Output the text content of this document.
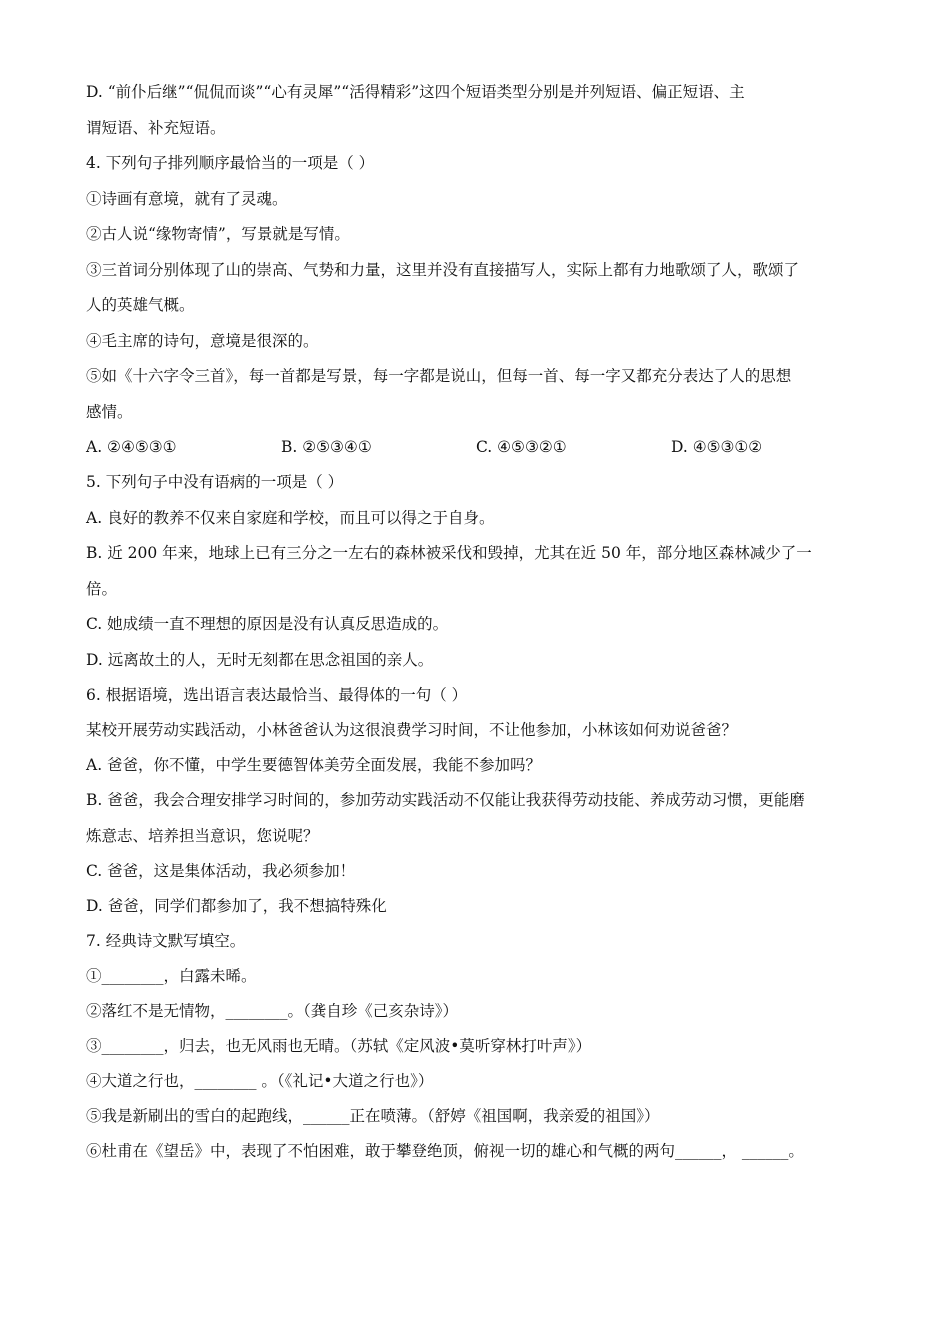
D. “前仆后继”“侃侃而谈”“心有灵犀”“活得精彩”这四个短语类型分别是并列短语、偏正短语、主
谓短语、补充短语。
4. 下列句子排列顺序最恰当的一项是（ ）
①诗画有意境，就有了灵魂。
②古人说“缘物寄情”，写景就是写情。
③三首词分别体现了山的崇高、气势和力量，这里并没有直接描写人，实际上都有力地歌颂了人，歌颂了
人的英雄气概。
④毛主席的诗句，意境是很深的。
⑤如《十六字令三首》，每一首都是写景，每一字都是说山，但每一首、每一字又都充分表达了人的思想
感情。
A. ②④⑤③①	B. ②⑤③④①	C. ④⑤③②①	D. ④⑤③①②
5. 下列句子中没有语病的一项是（ ）
A. 良好的教养不仅来自家庭和学校，而且可以得之于自身。
B. 近 200 年来，地球上已有三分之一左右的森林被采伐和毁掉，尤其在近 50 年，部分地区森林减少了一
倍。
C. 她成绩一直不理想的原因是没有认真反思造成的。
D. 远离故土的人，无时无刻都在思念祖国的亲人。
6. 根据语境，选出语言表达最恰当、最得体的一句（ ）
某校开展劳动实践活动，小林爸爸认为这很浪费学习时间，不让他参加，小林该如何劝说爸爸？
A. 爸爸，你不懂，中学生要德智体美劳全面发展，我能不参加吗？
B. 爸爸，我会合理安排学习时间的，参加劳动实践活动不仅能让我获得劳动技能、养成劳动习惯，更能磨
炼意志、培养担当意识，您说呢？
C. 爸爸，这是集体活动，我必须参加！
D. 爸爸，同学们都参加了，我不想搞特殊化
7. 经典诗文默写填空。
①________，白露未晞。
②落红不是无情物，________。（龚自珍《己亥杂诗》）
③________，归去，也无风雨也无晴。（苏轼《定风波•莫听穿林打叶声》）
④大道之行也，________ 。（《礼记•大道之行也》）
⑤我是新刷出的雪白的起跑线，______正在喷薄。（舒婷《祖国啊，我亲爱的祖国》）
⑥杜甫在《望岳》中，表现了不怕困难，敢于攀登绝顶，俯视一切的雄心和气概的两句______， ______。
